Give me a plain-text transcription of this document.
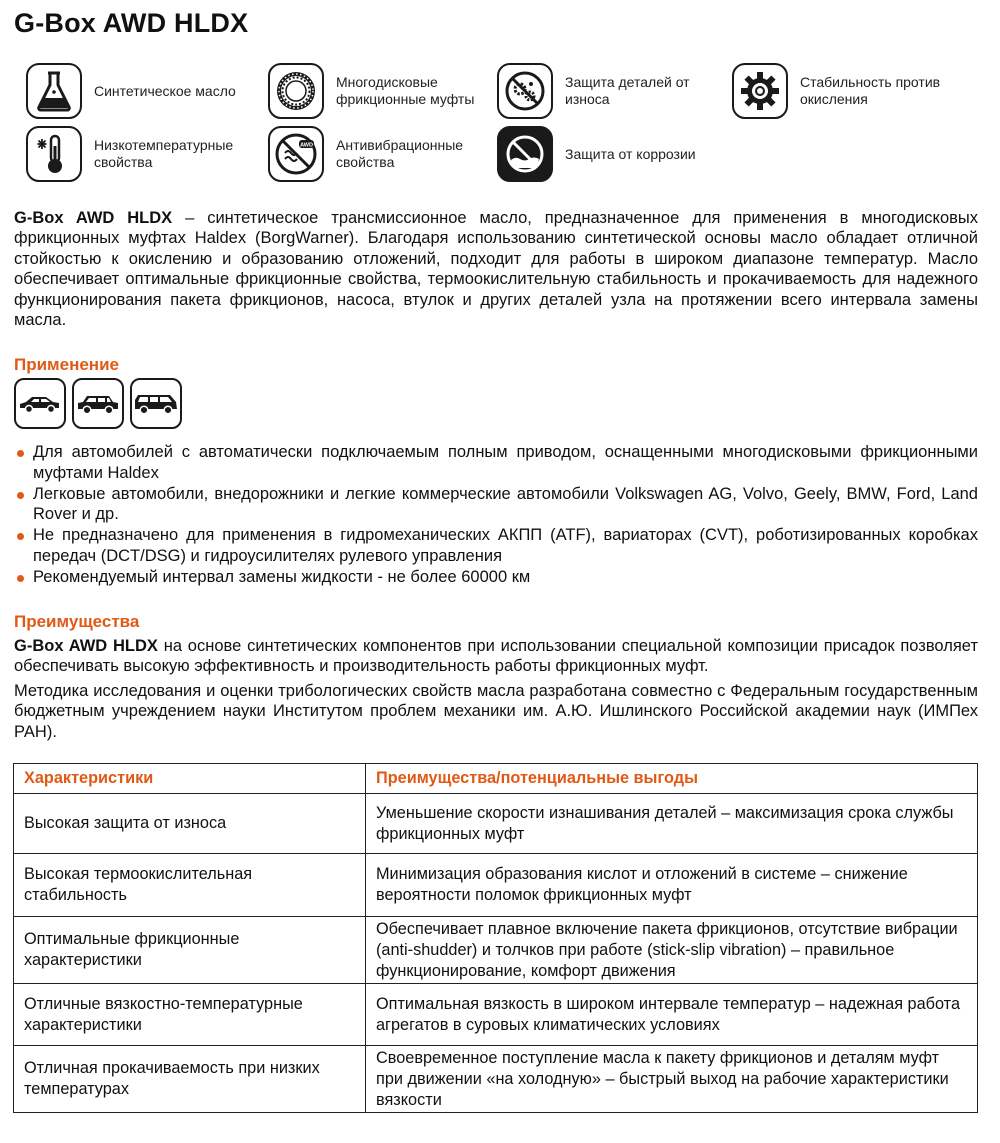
G-Box AWD HLDX
Синтетическое масло
Многодисковые фрикционные муфты
Защита деталей от износа
Стабильность против окисления
Низкотемпературные свойства
AWD Антивибрационные свойства
Защита от коррозии
G-Box AWD HLDX – синтетическое трансмиссионное масло, предназначенное для применения в многодисковых фрикционных муфтах Haldex (BorgWarner). Благодаря использованию синтетической основы масло обладает отличной стойкостью к окислению и образованию отложений, подходит для работы в широком диапазоне температур. Масло обеспечивает оптимальные фрикционные свойства, термоокислительную стабильность и прокачиваемость для надежного функционирования пакета фрикционов, насоса, втулок и других деталей узла на протяжении всего интервала замены масла.
Применение
Для автомобилей с автоматически подключаемым полным приводом, оснащенными многодисковыми фрикционными муфтами Haldex
Легковые автомобили, внедорожники и легкие коммерческие автомобили Volkswagen AG, Volvo, Geely, BMW, Ford, Land Rover и др.
Не предназначено для применения в гидромеханических АКПП (ATF), вариаторах (CVT), роботизированных коробках передач (DCT/DSG) и гидроусилителях рулевого управления
Рекомендуемый интервал замены жидкости - не более 60000 км
Преимущества
G-Box AWD HLDX на основе синтетических компонентов при использовании специальной композиции присадок позволяет обеспечивать высокую эффективность и производительность работы фрикционных муфт.
Методика исследования и оценки трибологических свойств масла разработана совместно с Федеральным государственным бюджетным учреждением науки Институтом проблем механики им. А.Ю. Ишлинского Российской академии наук (ИМПех РАН).
Характеристики	Преимущества/потенциальные выгоды
Высокая защита от износа	Уменьшение скорости изнашивания деталей – максимизация срока службы фрикционных муфт
Высокая термоокислительная стабильность	Минимизация образования кислот и отложений в системе – снижение вероятности поломок фрикционных муфт
Оптимальные фрикционные характеристики	Обеспечивает плавное включение пакета фрикционов, отсутствие вибрации (anti-shudder) и толчков при работе (stick-slip vibration) – правильное функционирование, комфорт движения
Отличные вязкостно-температурные характеристики	Оптимальная вязкость в широком интервале температур – надежная работа агрегатов в суровых климатических условиях
Отличная прокачиваемость при низких температурах	Своевременное поступление масла к пакету фрикционов и деталям муфт при движении «на холодную» – быстрый выход на рабочие характеристики вязкости
